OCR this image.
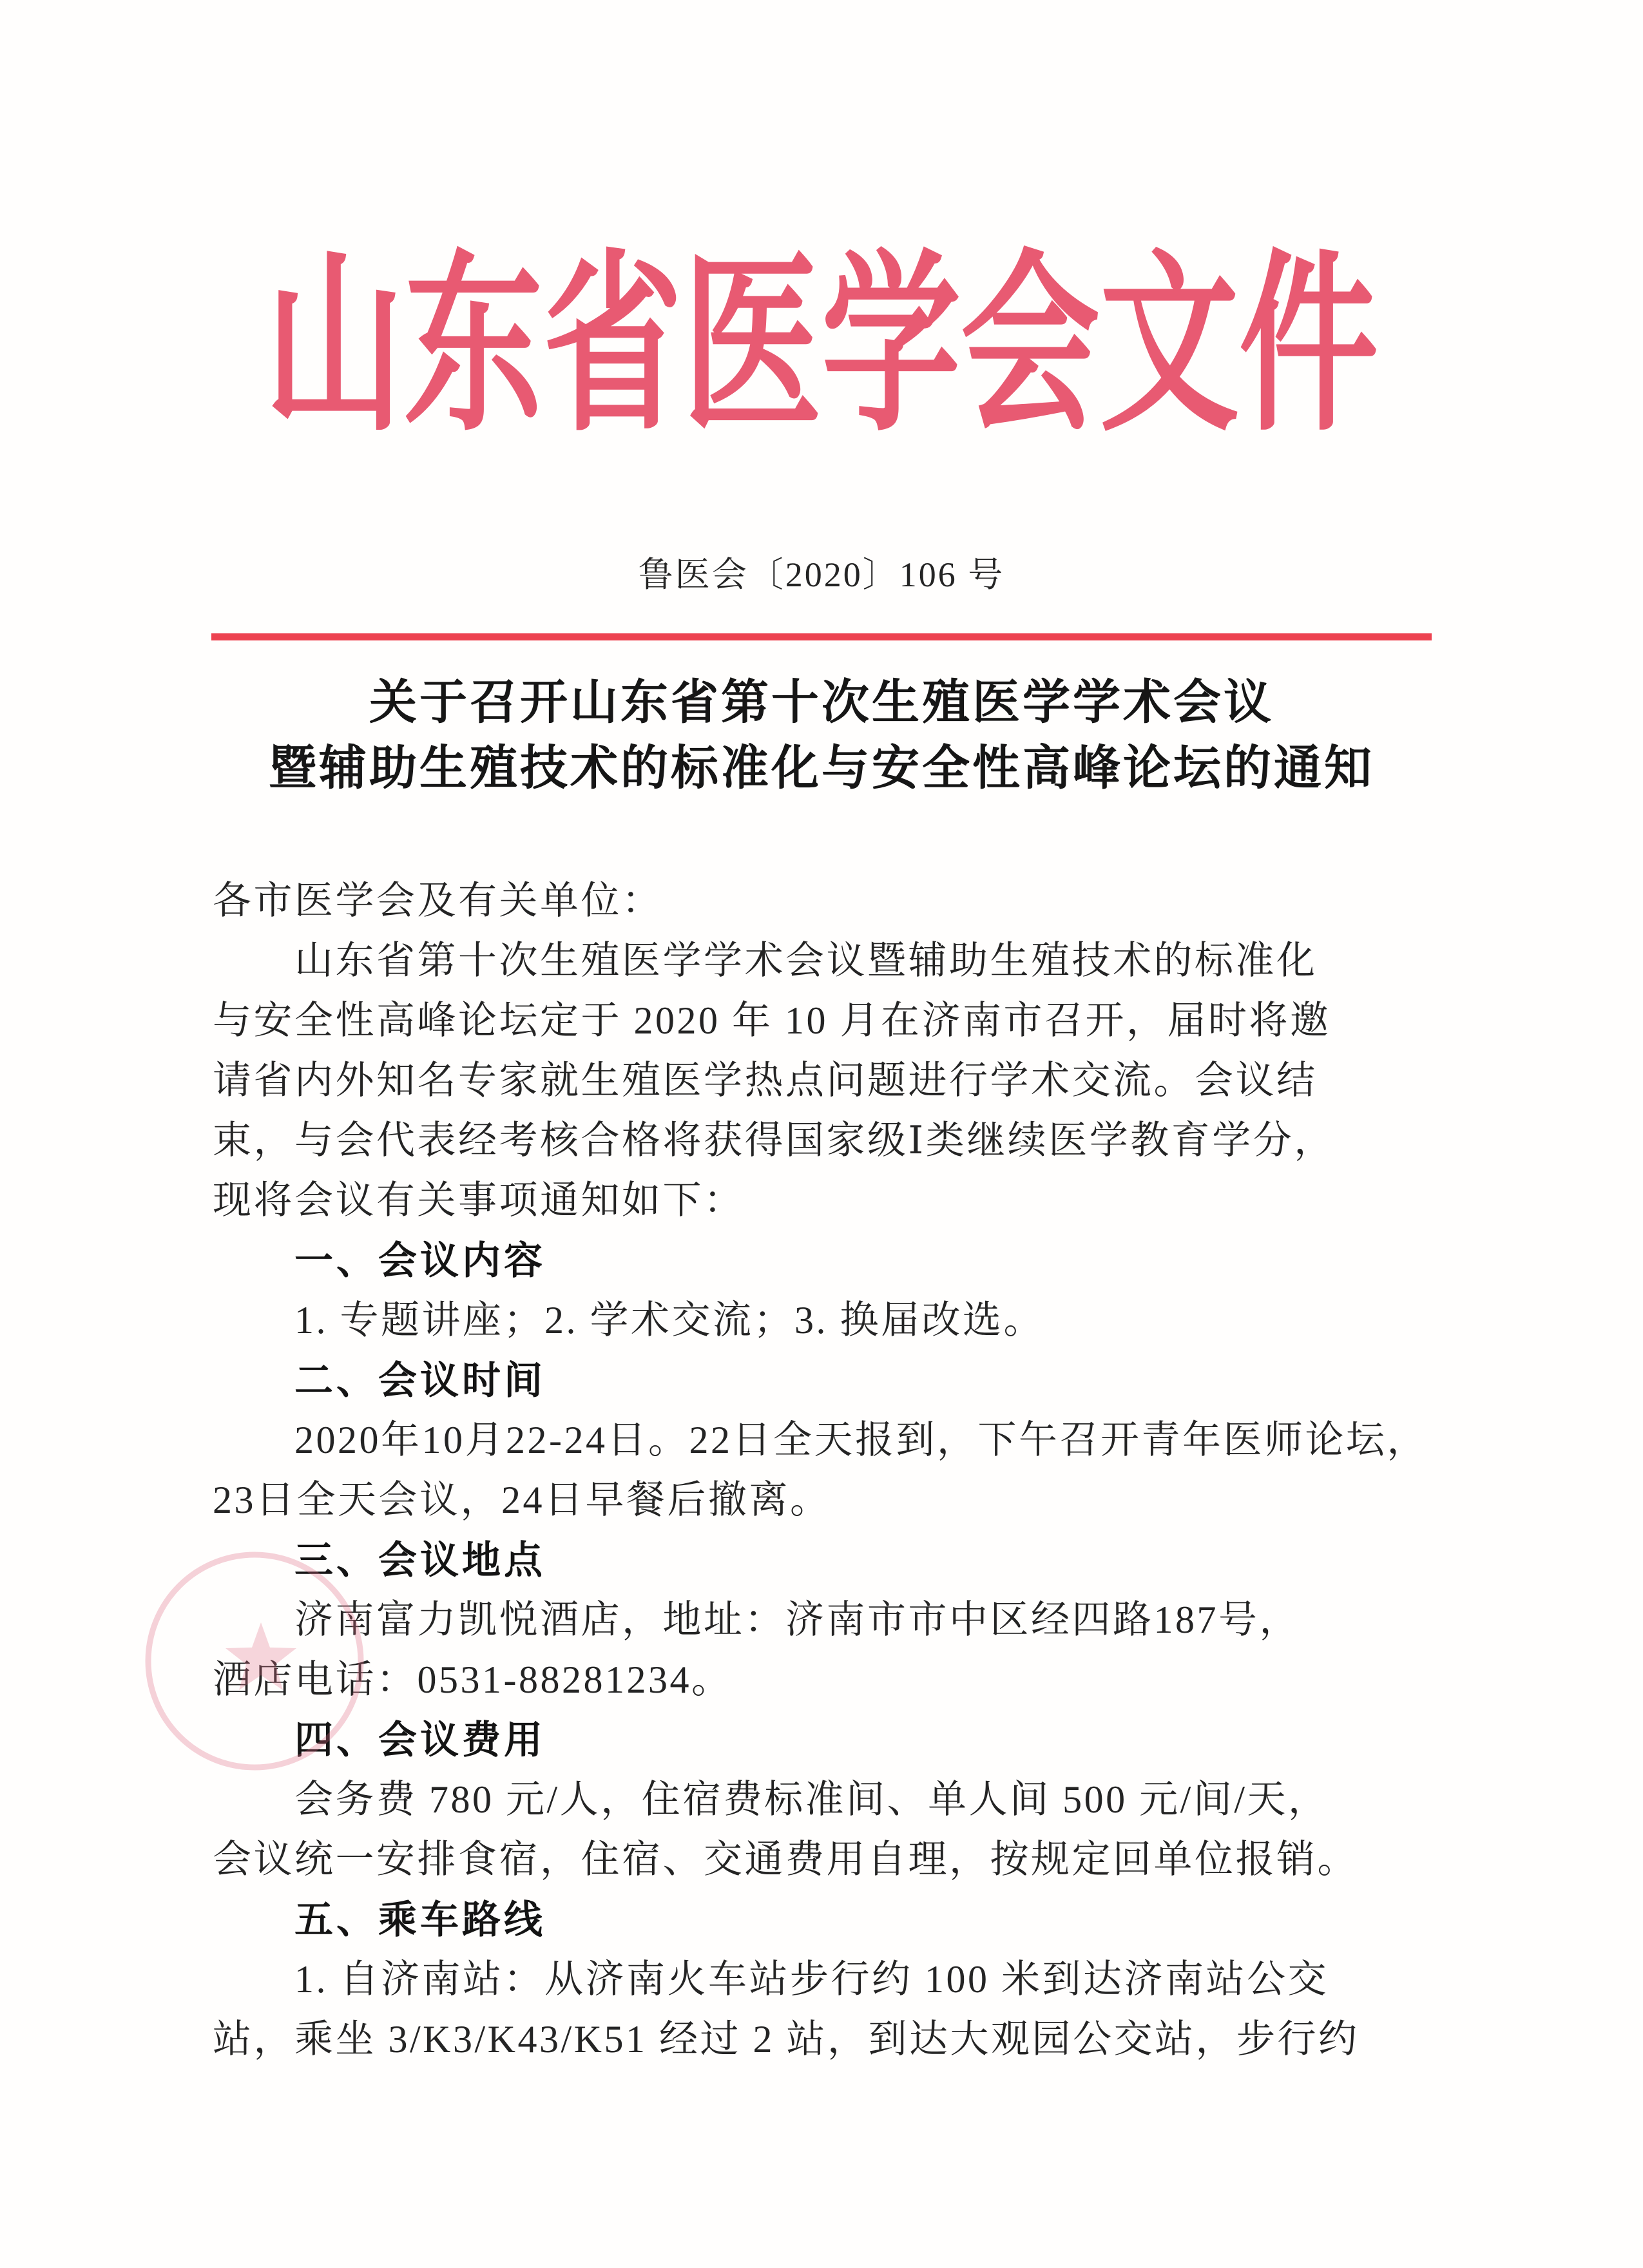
山东省医学会文件
鲁医会〔2020〕106 号
关于召开山东省第十次生殖医学学术会议
暨辅助生殖技术的标准化与安全性高峰论坛的通知
各市医学会及有关单位：
山东省第十次生殖医学学术会议暨辅助生殖技术的标准化
与安全性高峰论坛定于 2020 年 10 月在济南市召开，届时将邀
请省内外知名专家就生殖医学热点问题进行学术交流。会议结
束，与会代表经考核合格将获得国家级Ⅰ类继续医学教育学分，
现将会议有关事项通知如下：
一、会议内容
1. 专题讲座；2. 学术交流；3. 换届改选。
二、会议时间
2020年10月22-24日。22日全天报到，下午召开青年医师论坛，
23日全天会议，24日早餐后撤离。
三、会议地点
济南富力凯悦酒店，地址：济南市市中区经四路187号，
酒店电话：0531-88281234。
四、会议费用
会务费 780 元/人，住宿费标准间、单人间 500 元/间/天，
会议统一安排食宿，住宿、交通费用自理，按规定回单位报销。
五、乘车路线
1. 自济南站：从济南火车站步行约 100 米到达济南站公交
站，乘坐 3/K3/K43/K51 经过 2 站，到达大观园公交站，步行约
